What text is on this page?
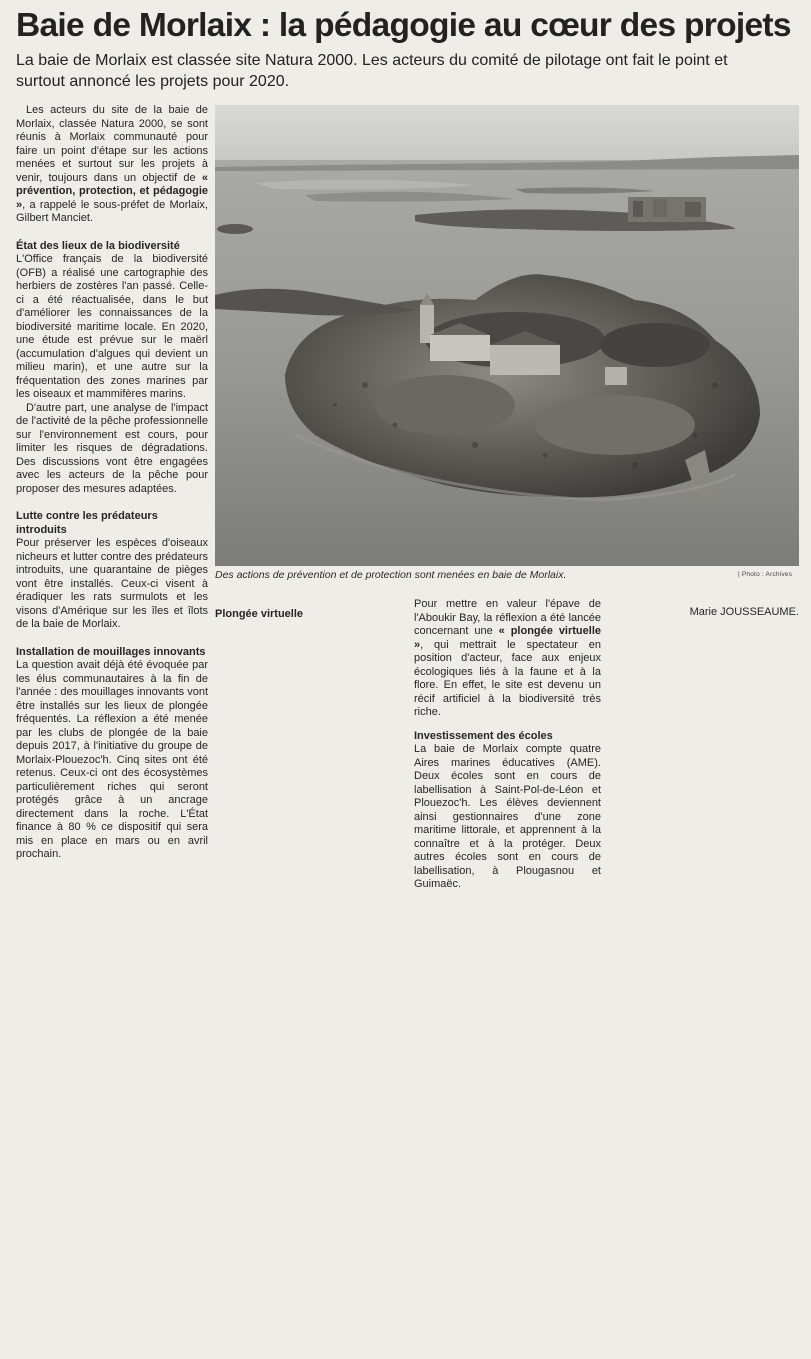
Baie de Morlaix : la pédagogie au cœur des projets
La baie de Morlaix est classée site Natura 2000. Les acteurs du comité de pilotage ont fait le point et surtout annoncé les projets pour 2020.
Des actions de prévention et de protection sont menées en baie de Morlaix.	| Photo : Archives

Les acteurs du site de la baie de Morlaix, classée Natura 2000, se sont réunis à Morlaix communauté pour faire un point d'étape sur les actions menées et surtout sur les projets à venir, toujours dans un objectif de « prévention, protection, et pédagogie », a rappelé le sous-préfet de Morlaix, Gilbert Manciet.

État des lieux de la biodiversité

L'Office français de la biodiversité (OFB) a réalisé une cartographie des herbiers de zostères l'an passé. Celle-ci a été réactualisée, dans le but d'améliorer les connaissances de la biodiversité maritime locale. En 2020, une étude est prévue sur le maërl (accumulation d'algues qui devient un milieu marin), et une autre sur la fréquentation des zones marines par les oiseaux et mammifères marins.

D'autre part, une analyse de l'impact de l'activité de la pêche professionnelle sur l'environnement est cours, pour limiter les risques de dégradations. Des discussions vont être engagées avec les acteurs de la pêche pour proposer des mesures adaptées.

Lutte contre les prédateurs introduits

Pour préserver les espèces d'oiseaux nicheurs et lutter contre des prédateurs introduits, une quarantaine de pièges vont être installés. Ceux-ci visent à éradiquer les rats surmulots et les visons d'Amérique sur les îles et îlots de la baie de Morlaix.

Installation de mouillages innovants

La question avait déjà été évoquée par les élus communautaires à la fin de l'année : des mouillages innovants vont être installés sur les lieux de plongée fréquentés. La réflexion a été menée par les clubs de plongée de la baie depuis 2017, à l'initiative du groupe de Morlaix-Plouezoc'h. Cinq sites ont été retenus. Ceux-ci ont des écosystèmes particulièrement riches qui seront protégés grâce à un ancrage directement dans la roche. L'État finance à 80 % ce dispositif qui sera mis en place en mars ou en avril prochain.

Plongée virtuelle

Pour mettre en valeur l'épave de l'Aboukir Bay, la réflexion a été lancée concernant une « plongée virtuelle », qui mettrait le spectateur en position d'acteur, face aux enjeux écologiques liés à la faune et à la flore. En effet, le site est devenu un récif artificiel à la biodiversité très riche.

Investissement des écoles

La baie de Morlaix compte quatre Aires marines éducatives (AME). Deux écoles sont en cours de labellisation à Saint-Pol-de-Léon et Plouezoc'h. Les élèves deviennent ainsi gestionnaires d'une zone maritime littorale, et apprennent à la connaître et à la protéger. Deux autres écoles sont en cours de labellisation, à Plougasnou et Guimaëc.

Marie JOUSSEAUME.
